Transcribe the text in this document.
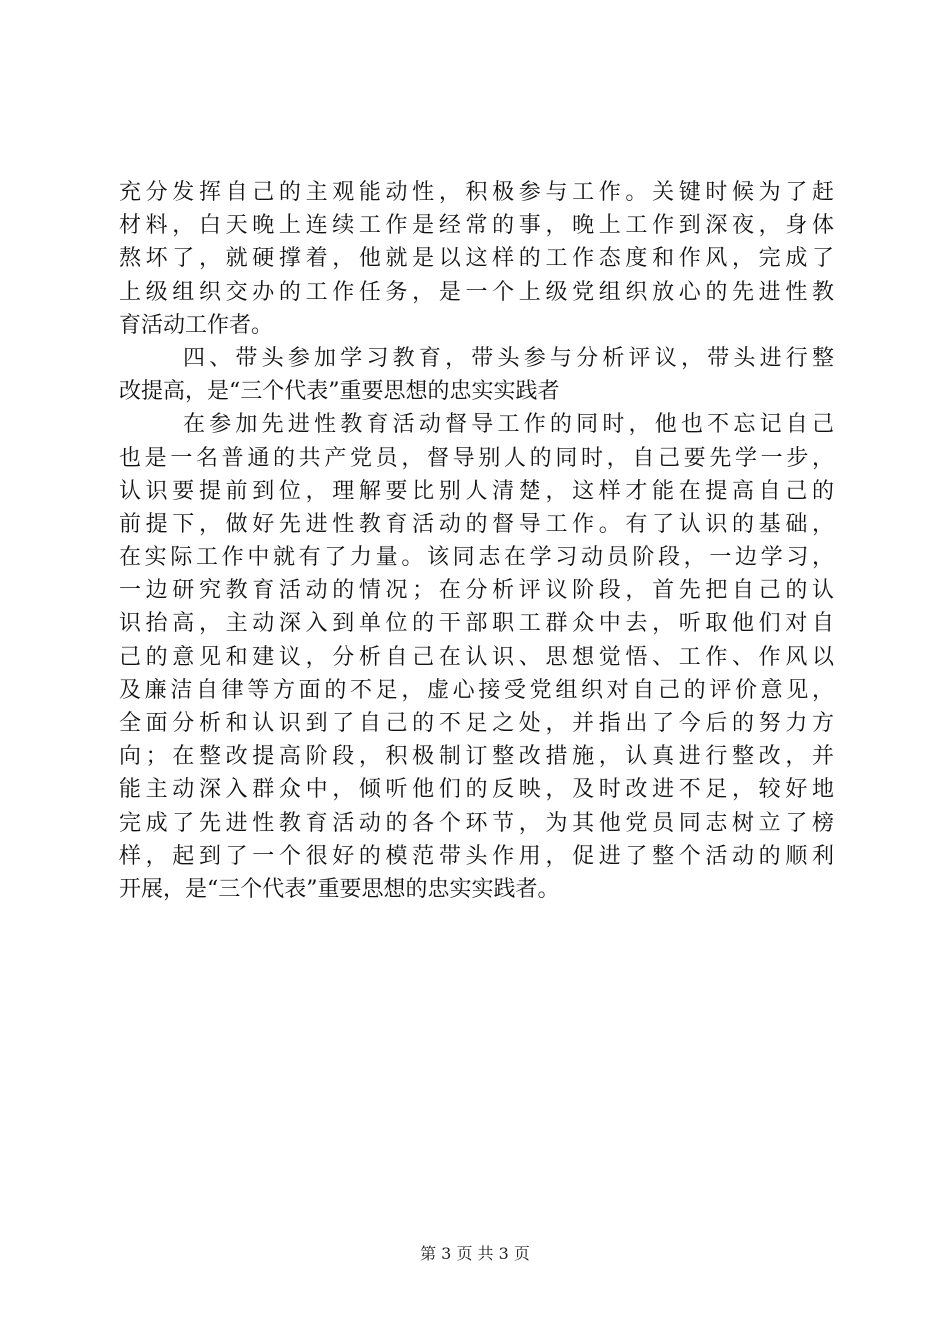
充分发挥自己的主观能动性，积极参与工作。关键时候为了赶
材料，白天晚上连续工作是经常的事，晚上工作到深夜，身体
熬坏了，就硬撑着，他就是以这样的工作态度和作风，完成了
上级组织交办的工作任务，是一个上级党组织放心的先进性教
育活动工作者。
四、带头参加学习教育，带头参与分析评议，带头进行整
改提高，是“三个代表”重要思想的忠实实践者
在参加先进性教育活动督导工作的同时，他也不忘记自己
也是一名普通的共产党员，督导别人的同时，自己要先学一步，
认识要提前到位，理解要比别人清楚，这样才能在提高自己的
前提下，做好先进性教育活动的督导工作。有了认识的基础，
在实际工作中就有了力量。该同志在学习动员阶段，一边学习，
一边研究教育活动的情况；在分析评议阶段，首先把自己的认
识抬高，主动深入到单位的干部职工群众中去，听取他们对自
己的意见和建议，分析自己在认识、思想觉悟、工作、作风以
及廉洁自律等方面的不足，虚心接受党组织对自己的评价意见，
全面分析和认识到了自己的不足之处，并指出了今后的努力方
向；在整改提高阶段，积极制订整改措施，认真进行整改，并
能主动深入群众中，倾听他们的反映，及时改进不足，较好地
完成了先进性教育活动的各个环节，为其他党员同志树立了榜
样，起到了一个很好的模范带头作用，促进了整个活动的顺利
开展，是“三个代表”重要思想的忠实实践者。
第 3 页 共 3 页
